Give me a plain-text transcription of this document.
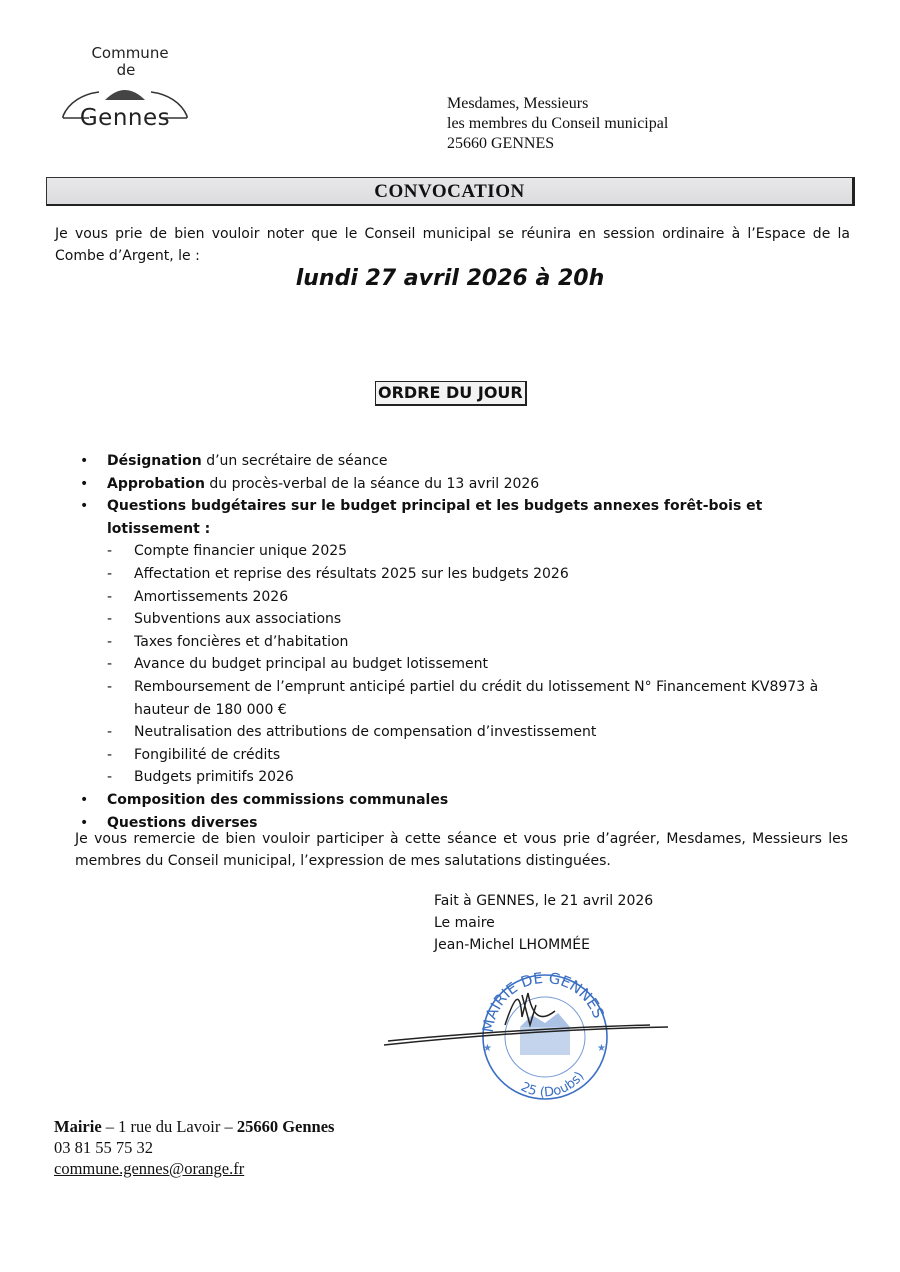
Commune
de
Gennes
Mesdames, Messieurs
les membres du Conseil municipal
25660 GENNES
CONVOCATION
Je vous prie de bien vouloir noter que le Conseil municipal se réunira en session ordinaire à l’Espace de la Combe d’Argent, le :
lundi 27 avril 2026 à 20h
ORDRE DU JOUR
• Désignation d’un secrétaire de séance
• Approbation du procès-verbal de la séance du 13 avril 2026
• Questions budgétaires sur le budget principal et les budgets annexes forêt-bois et lotissement :
- Compte financier unique 2025
- Affectation et reprise des résultats 2025 sur les budgets 2026
- Amortissements 2026
- Subventions aux associations
- Taxes foncières et d’habitation
- Avance du budget principal au budget lotissement
- Remboursement de l’emprunt anticipé partiel du crédit du lotissement N° Financement KV8973 à hauteur de 180 000 €
- Neutralisation des attributions de compensation d’investissement
- Fongibilité de crédits
- Budgets primitifs 2026
• Composition des commissions communales
• Questions diverses
Je vous remercie de bien vouloir participer à cette séance et vous prie d’agréer, Mesdames, Messieurs les membres du Conseil municipal, l’expression de mes salutations distinguées.
Fait à GENNES, le 21 avril 2026
Le maire
Jean-Michel LHOMMÉE
MAIRIE DE GENNES
25 (Doubs)
★	★
Mairie – 1 rue du Lavoir – 25660 Gennes
03 81 55 75 32
commune.gennes@orange.fr
